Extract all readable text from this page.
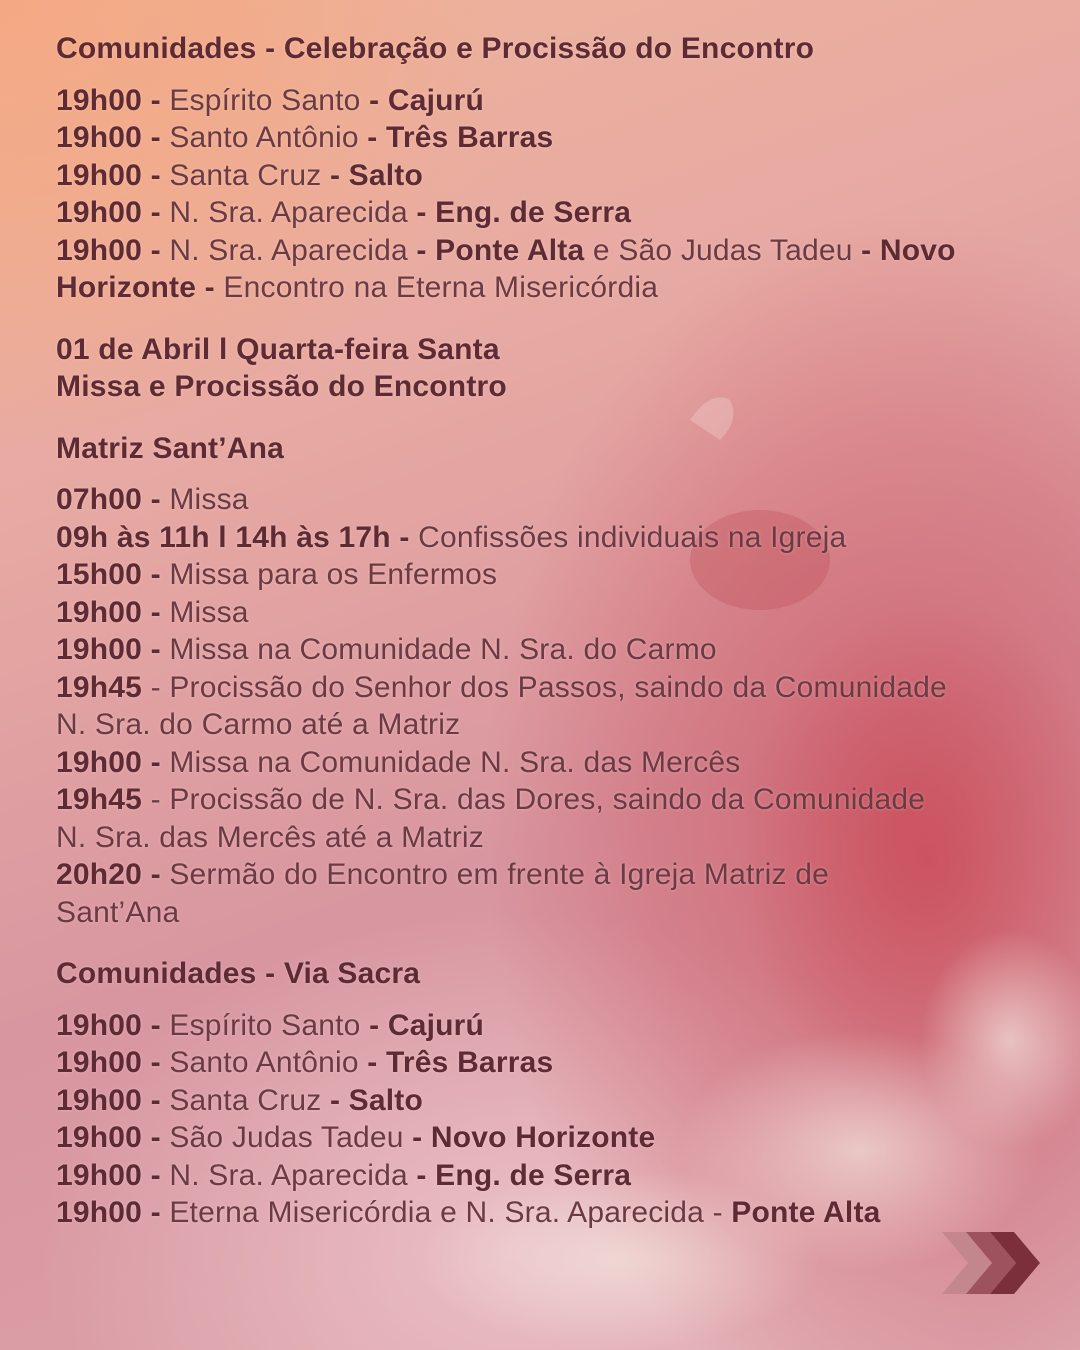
Comunidades - Celebração e Procissão do Encontro
19h00 - Espírito Santo - Cajurú
19h00 - Santo Antônio - Três Barras
19h00 - Santa Cruz - Salto
19h00 - N. Sra. Aparecida - Eng. de Serra
19h00 - N. Sra. Aparecida - Ponte Alta e São Judas Tadeu - Novo Horizonte - Encontro na Eterna Misericórdia
01 de Abril l Quarta-feira Santa
Missa e Procissão do Encontro
Matriz Sant’Ana
07h00 - Missa
09h às 11h l 14h às 17h - Confissões individuais na Igreja
15h00 - Missa para os Enfermos
19h00 - Missa
19h00 - Missa na Comunidade N. Sra. do Carmo
19h45 - Procissão do Senhor dos Passos, saindo da Comunidade N. Sra. do Carmo até a Matriz
19h00 - Missa na Comunidade N. Sra. das Mercês
19h45 - Procissão de N. Sra. das Dores, saindo da Comunidade N. Sra. das Mercês até a Matriz
20h20 - Sermão do Encontro em frente à Igreja Matriz de Sant’Ana
Comunidades - Via Sacra
19h00 - Espírito Santo - Cajurú
19h00 - Santo Antônio - Três Barras
19h00 - Santa Cruz - Salto
19h00 - São Judas Tadeu - Novo Horizonte
19h00 - N. Sra. Aparecida - Eng. de Serra
19h00 - Eterna Misericórdia e N. Sra. Aparecida - Ponte Alta
